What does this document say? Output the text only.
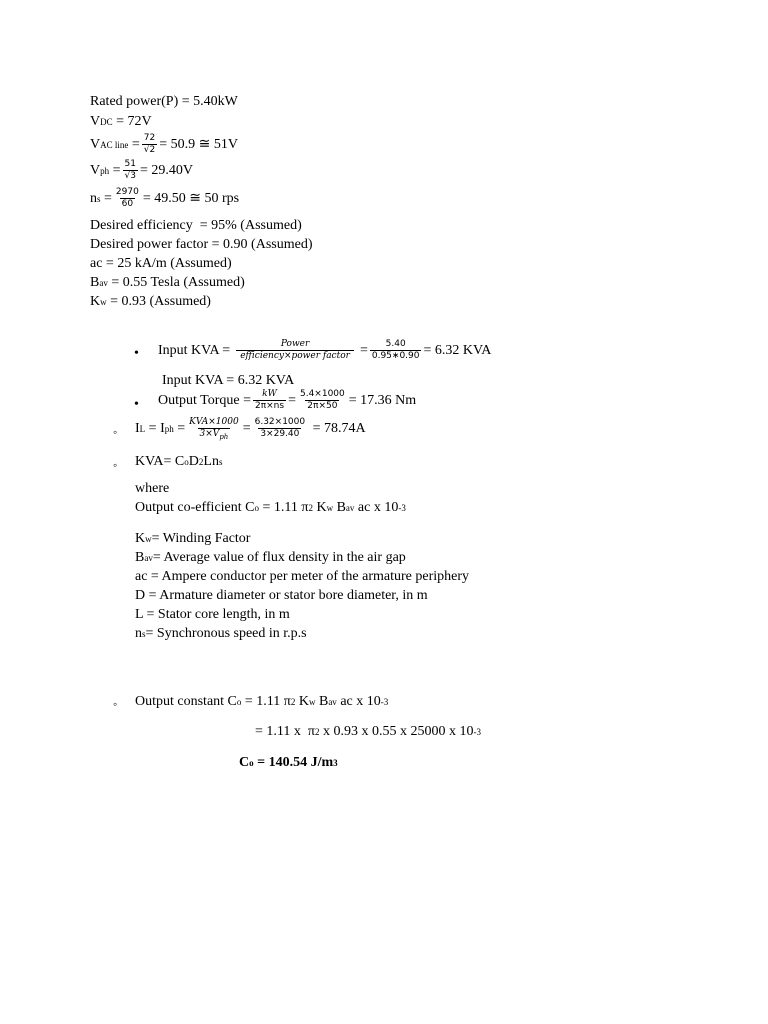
Rated power(P) = 5.40kW
V DC = 72V
V AC line = $\frac{72}{√2} = 50.9$ ≅ 51V
V ph = $\frac{51}{√3} = 29.40V$
n $s = \frac{2970}{60} = 49.50$ ≅ 50 rps
Desired efficiency  = 95% (Assumed)
Desired power factor = 0.90 (Assumed)
ac = 25 kA/m (Assumed)
B av = 0.55 Tesla (Assumed)
K w = 0.93 (Assumed)
• Input KVA = $\frac{\text{Power}}{\text{efficiency×power factor}} = \frac{5.40}{0.95∗0.90} = 6.32$ KVA
Input KVA = 6.32 KVA
• Output Torque = $\frac{kW}{2\pi\times ns} = \frac{5.4\times 1000}{2\pi\times 50} = 17.36$ Nm
◦ I L = I ph = $\frac{\text{KVA×1000}}{3\times V_{ph}} = \frac{6.32\times 1000}{3\times 29.40} = 78.74A$
◦ KVA= C o D 2 Ln s
where
Output co-efficient C o = 1.11 π 2 K w B av ac x 10 -3
K w = Winding Factor
B av = Average value of flux density in the air gap
ac = Ampere conductor per meter of the armature periphery
D = Armature diameter or stator bore diameter, in m
L = Stator core length, in m
n s = Synchronous speed in r.p.s
◦ Output constant C o = 1.11 π 2 K w B av ac x 10 -3
= 1.11 x  π 2 x 0.93 x 0.55 x 25000 x 10 -3
C o = 140.54 J/m 3
